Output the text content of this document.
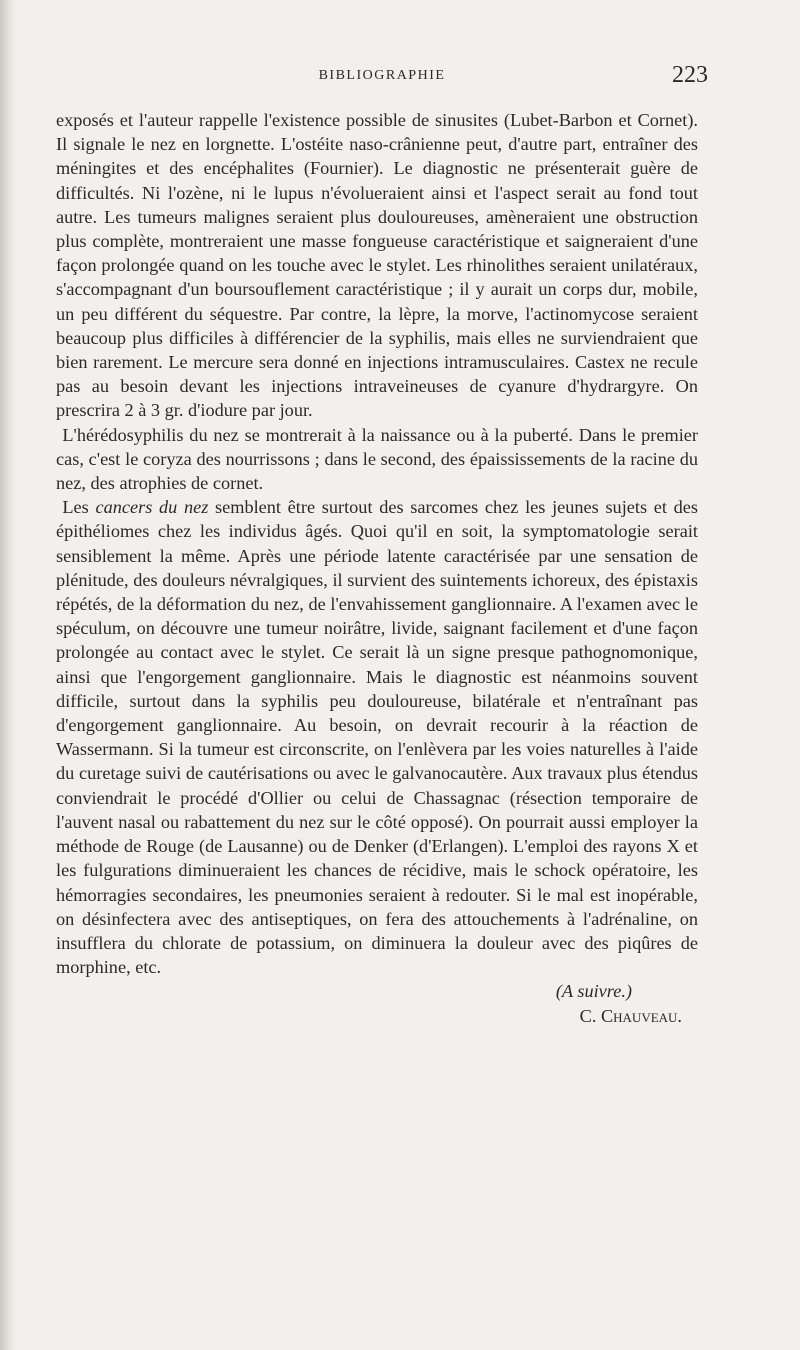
BIBLIOGRAPHIE	223

exposés et l'auteur rappelle l'existence possible de sinusites (Lubet-Barbon et Cornet). Il signale le nez en lorgnette. L'ostéite naso-crânienne peut, d'autre part, entraîner des méningites et des encéphalites (Fournier). Le diagnostic ne présenterait guère de difficultés. Ni l'ozène, ni le lupus n'évolueraient ainsi et l'aspect serait au fond tout autre. Les tumeurs malignes seraient plus douloureuses, amèneraient une obstruction plus complète, montreraient une masse fongueuse caractéristique et saigneraient d'une façon prolongée quand on les touche avec le stylet. Les rhinolithes seraient unilatéraux, s'accompagnant d'un boursouflement caractéristique ; il y aurait un corps dur, mobile, un peu différent du séquestre. Par contre, la lèpre, la morve, l'actinomycose seraient beaucoup plus difficiles à différencier de la syphilis, mais elles ne surviendraient que bien rarement. Le mercure sera donné en injections intramusculaires. Castex ne recule pas au besoin devant les injections intraveineuses de cyanure d'hydrargyre. On prescrira 2 à 3 gr. d'iodure par jour.

L'hérédosyphilis du nez se montrerait à la naissance ou à la puberté. Dans le premier cas, c'est le coryza des nourrissons ; dans le second, des épaississements de la racine du nez, des atrophies de cornet.

Les cancers du nez semblent être surtout des sarcomes chez les jeunes sujets et des épithéliomes chez les individus âgés. Quoi qu'il en soit, la symptomatologie serait sensiblement la même. Après une période latente caractérisée par une sensation de plénitude, des douleurs névralgiques, il survient des suintements ichoreux, des épistaxis répétés, de la déformation du nez, de l'envahissement ganglionnaire. A l'examen avec le spéculum, on découvre une tumeur noirâtre, livide, saignant facilement et d'une façon prolongée au contact avec le stylet. Ce serait là un signe presque pathognomonique, ainsi que l'engorgement ganglionnaire. Mais le diagnostic est néanmoins souvent difficile, surtout dans la syphilis peu douloureuse, bilatérale et n'entraînant pas d'engorgement ganglionnaire. Au besoin, on devrait recourir à la réaction de Wassermann. Si la tumeur est circonscrite, on l'enlèvera par les voies naturelles à l'aide du curetage suivi de cautérisations ou avec le galvanocautère. Aux travaux plus étendus conviendrait le procédé d'Ollier ou celui de Chassagnac (résection temporaire de l'auvent nasal ou rabattement du nez sur le côté opposé). On pourrait aussi employer la méthode de Rouge (de Lausanne) ou de Denker (d'Erlangen). L'emploi des rayons X et les fulgurations diminueraient les chances de récidive, mais le schock opératoire, les hémorragies secondaires, les pneumonies seraient à redouter. Si le mal est inopérable, on désinfectera avec des antiseptiques, on fera des attouchements à l'adrénaline, on insufflera du chlorate de potassium, on diminuera la douleur avec des piqûres de morphine, etc.

(A suivre.)
C. Chauveau.
